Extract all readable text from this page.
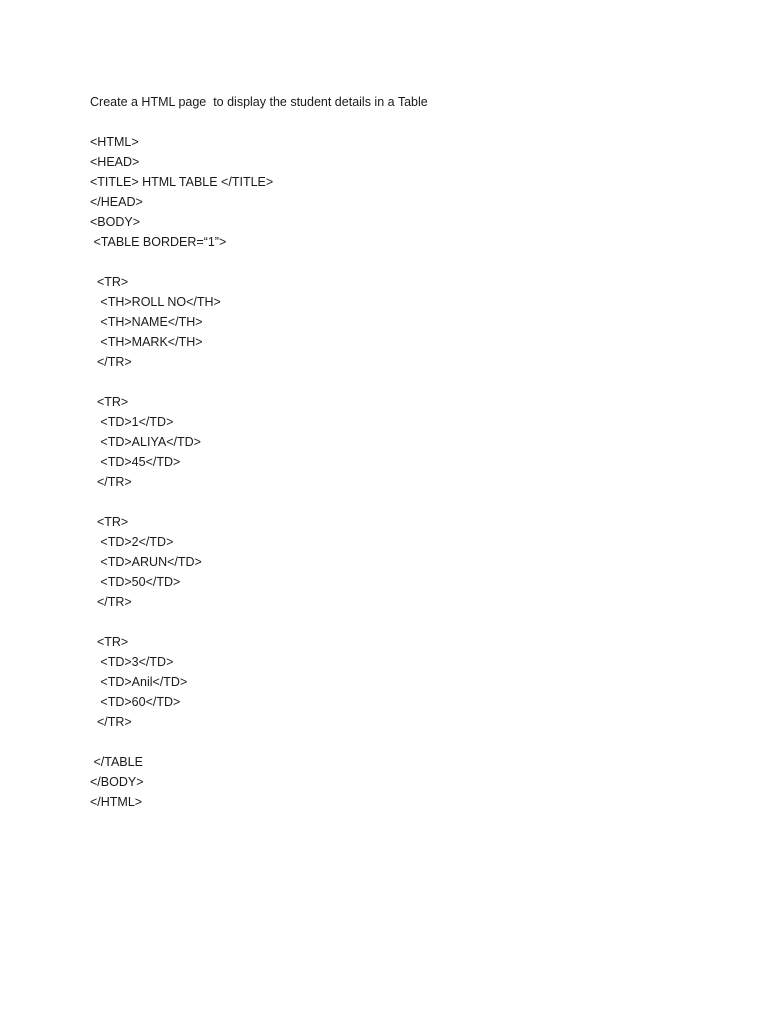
Create a HTML page  to display the student details in a Table
<HTML>
<HEAD>
<TITLE> HTML TABLE </TITLE>
</HEAD>
<BODY>
<TABLE BORDER=“1”>
<TR>
<TH>ROLL NO</TH>
<TH>NAME</TH>
<TH>MARK</TH>
</TR>
<TR>
<TD>1</TD>
<TD>ALIYA</TD>
<TD>45</TD>
</TR>
<TR>
<TD>2</TD>
<TD>ARUN</TD>
<TD>50</TD>
</TR>
<TR>
<TD>3</TD>
<TD>Anil</TD>
<TD>60</TD>
</TR>
</TABLE
</BODY>
</HTML>
